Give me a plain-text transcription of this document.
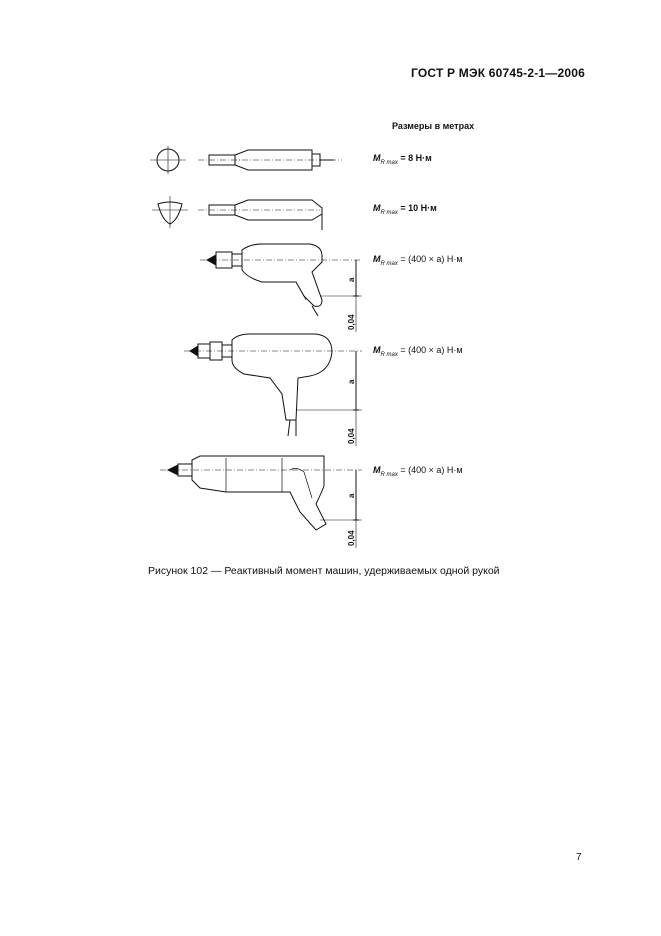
ГОСТ Р МЭК 60745-2-1—2006
Размеры в метрах
a
0,04
a
0,04
a
0,04
$M_{R max} = 8$ Н·м
$M_{R max} = 10$ Н·м
$M_{R max} = (400 \times a)$ Н·м
$M_{R max} = (400 \times a)$ Н·м
$M_{R max} = (400 \times a)$ Н·м
Рисунок 102 — Реактивный момент машин, удерживаемых одной рукой
7
